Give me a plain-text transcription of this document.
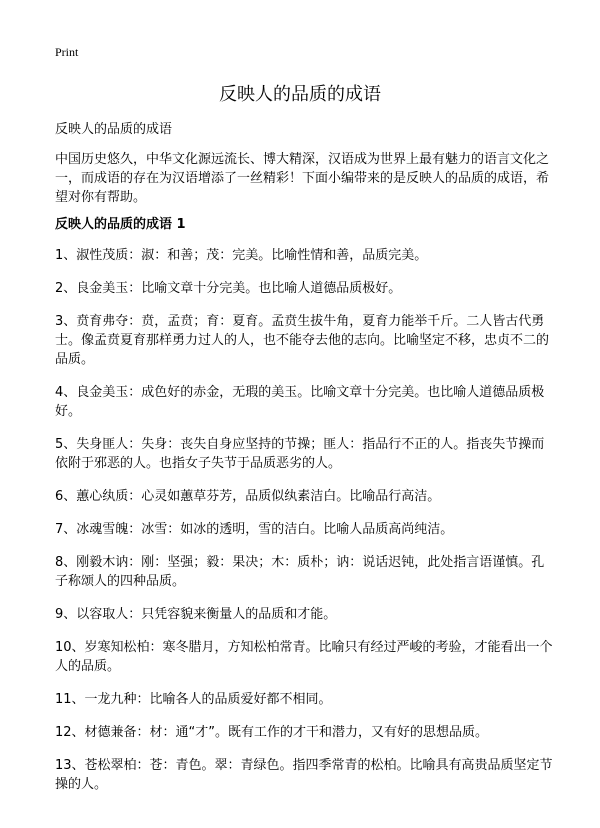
Print
反映人的品质的成语
反映人的品质的成语
中国历史悠久，中华文化源远流长、博大精深，汉语成为世界上最有魅力的语言文化之一，而成语的存在为汉语增添了一丝精彩！下面小编带来的是反映人的品质的成语，希望对你有帮助。
反映人的品质的成语 1
1、淑性茂质：淑：和善；茂：完美。比喻性情和善，品质完美。
2、良金美玉：比喻文章十分完美。也比喻人道德品质极好。
3、贲育弗夺：贲，孟贲；育：夏育。孟贲生拔牛角，夏育力能举千斤。二人皆古代勇士。像孟贲夏育那样勇力过人的人，也不能夺去他的志向。比喻坚定不移，忠贞不二的品质。
4、良金美玉：成色好的赤金，无瑕的美玉。比喻文章十分完美。也比喻人道德品质极好。
5、失身匪人：失身：丧失自身应坚持的节操；匪人：指品行不正的人。指丧失节操而依附于邪恶的人。也指女子失节于品质恶劣的人。
6、蕙心纨质：心灵如蕙草芬芳，品质似纨素洁白。比喻品行高洁。
7、冰魂雪魄：冰雪：如冰的透明，雪的洁白。比喻人品质高尚纯洁。
8、刚毅木讷：刚：坚强；毅：果决；木：质朴；讷：说话迟钝，此处指言语谨慎。孔子称颂人的四种品质。
9、以容取人：只凭容貌来衡量人的品质和才能。
10、岁寒知松柏：寒冬腊月，方知松柏常青。比喻只有经过严峻的考验，才能看出一个人的品质。
11、一龙九种：比喻各人的品质爱好都不相同。
12、材德兼备：材：通“才”。既有工作的才干和潜力，又有好的思想品质。
13、苍松翠柏：苍：青色。翠：青绿色。指四季常青的松柏。比喻具有高贵品质坚定节操的人。
